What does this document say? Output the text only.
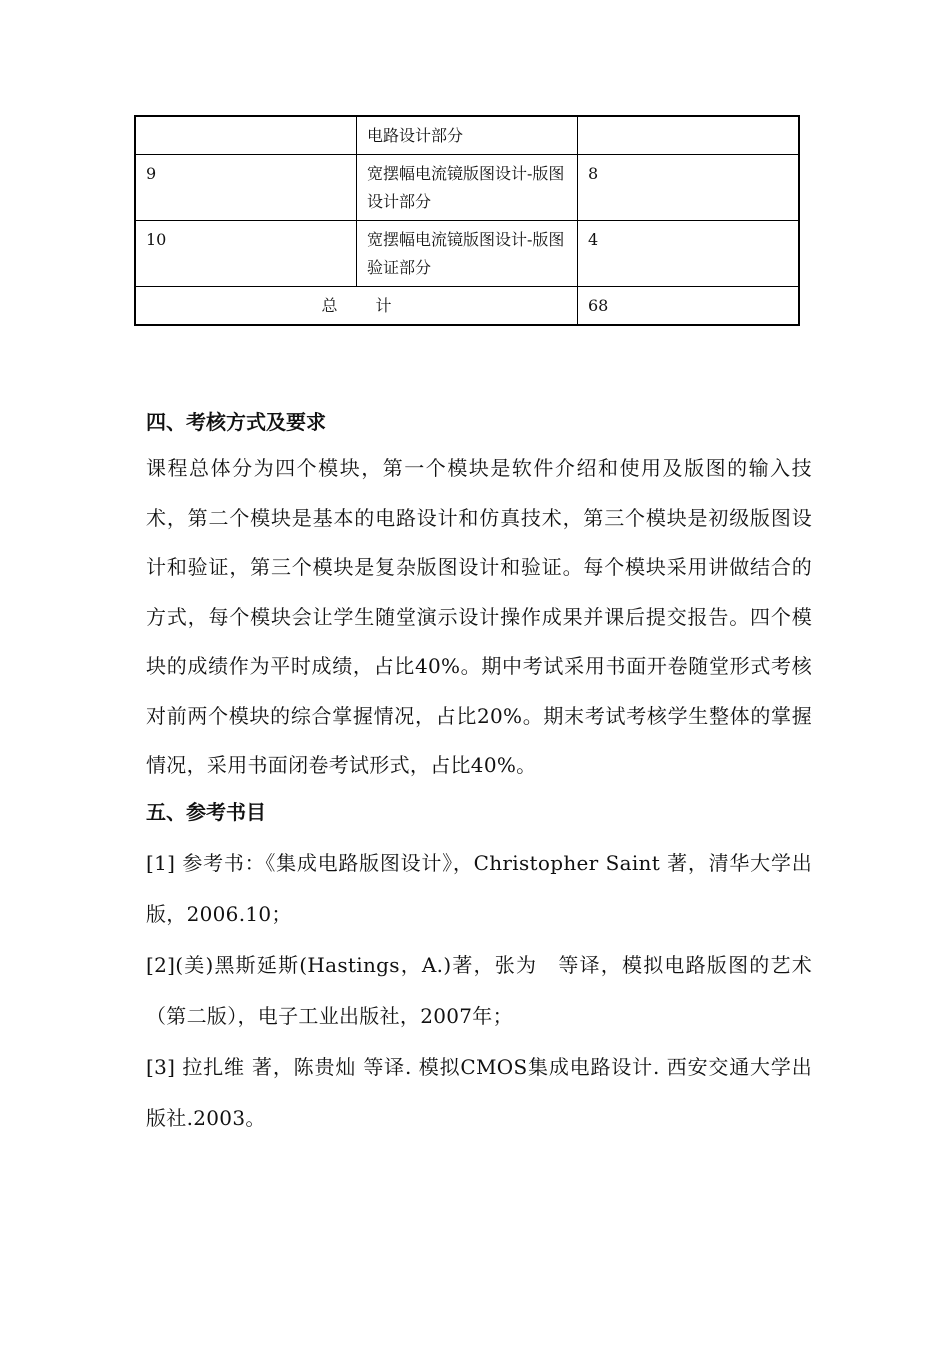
	电路设计部分	
9	宽摆幅电流镜版图设计-版图设计部分	8
10	宽摆幅电流镜版图设计-版图验证部分	4
总 计		68
四、考核方式及要求

课程总体分为四个模块，第一个模块是软件介绍和使用及版图的输入技术，第二个模块是基本的电路设计和仿真技术，第三个模块是初级版图设计和验证，第三个模块是复杂版图设计和验证。每个模块采用讲做结合的方式，每个模块会让学生随堂演示设计操作成果并课后提交报告。四个模块的成绩作为平时成绩，占比40%。期中考试采用书面开卷随堂形式考核对前两个模块的综合掌握情况，占比20%。期末考试考核学生整体的掌握情况，采用书面闭卷考试形式，占比40%。

五、参考书目

[1] 参考书：《集成电路版图设计》，Christopher Saint 著，清华大学出版，2006.10；

[2](美)黑斯延斯(Hastings，A.)著，张为　等译，模拟电路版图的艺术（第二版），电子工业出版社，2007年；

[3] 拉扎维 著，陈贵灿 等译. 模拟CMOS集成电路设计. 西安交通大学出版社.2003。
